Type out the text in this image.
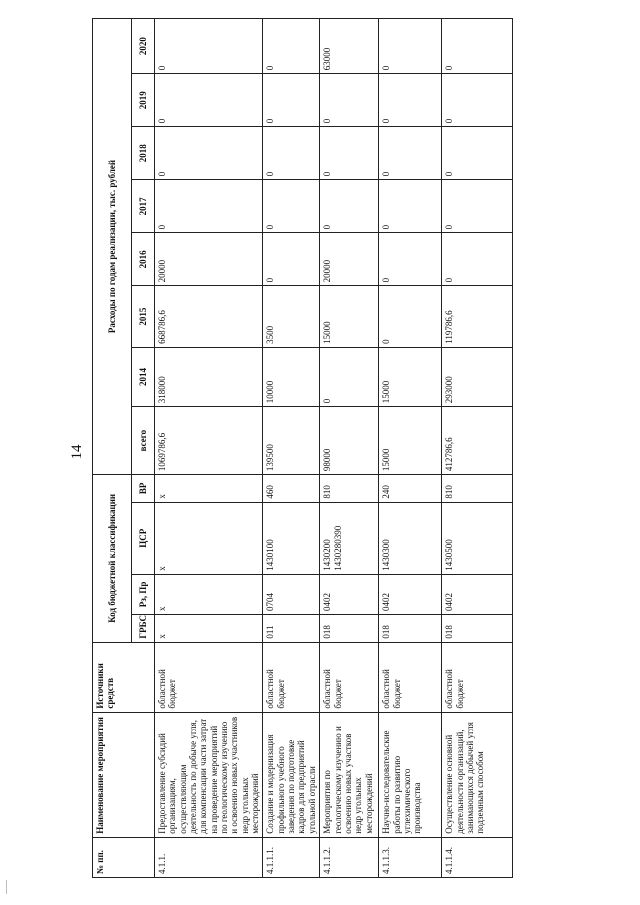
14
№ пп.	Наименование мероприятия	Источники средств	Код бюджетной классификации				Расходы по годам реализации, тыс. рублей							
			ГРБС	Рз, Пр	ЦСР	ВР	всего	2014	2015	2016	2017	2018	2019	2020
4.1.1.	Предоставление субсидий организациям, осуществляющим деятельность по добыче угля, для компенсации части затрат на проведение мероприятий по геологическому изучению и освоению новых участников недр угольных месторождений	областной бюджет	х	х	х	х	1069786,6	318000	668786,6	20000	0	0	0	0
4.1.1.1.	Создание и модернизация профильного учебного заведения по подготовке кадров для предприятий угольной отрасли	областной бюджет	011	0704	1430100	460	139500	10000	3500	0	0	0	0	0
4.1.1.2.	Мероприятия по геологическому изучению и освоению новых участков недр угольных месторождений	областной бюджет	018	0402	1430200 1430280390	810	98000	0	15000	20000	0	0	0	63000
4.1.1.3.	Научно-исследовательские работы по развитию углехимического производства	областной бюджет	018	0402	1430300	240	15000	15000	0	0	0	0	0	0
4.1.1.4.	Осуществление основной деятельности организаций, занимающихся добычей угля подземным способом	областной бюджет	018	0402	1430500	810	412786,6	293000	119786,6	0	0	0	0	0
